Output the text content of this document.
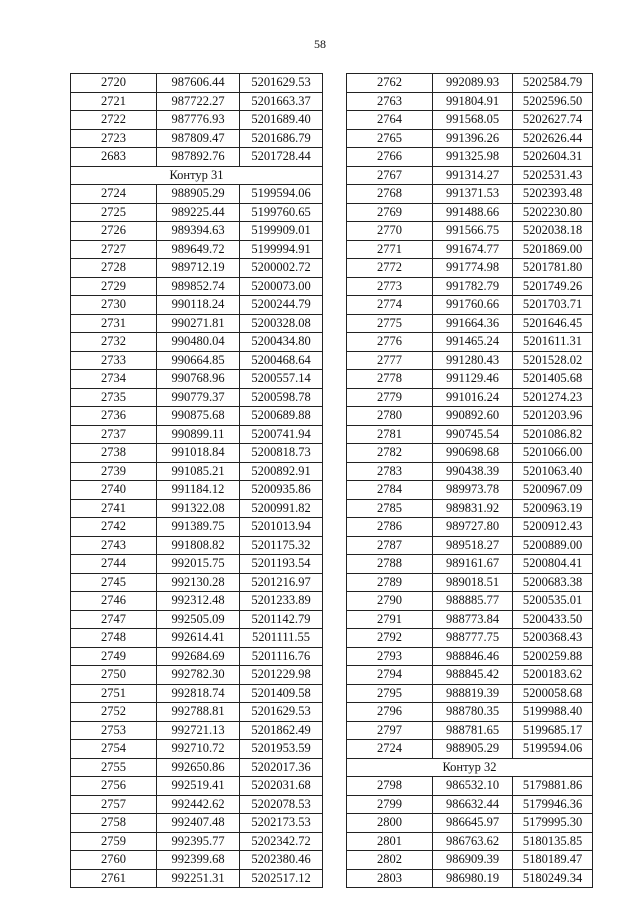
58
2720	987606.44	5201629.53
2721	987722.27	5201663.37
2722	987776.93	5201689.40
2723	987809.47	5201686.79
2683	987892.76	5201728.44
Контур 31		
2724	988905.29	5199594.06
2725	989225.44	5199760.65
2726	989394.63	5199909.01
2727	989649.72	5199994.91
2728	989712.19	5200002.72
2729	989852.74	5200073.00
2730	990118.24	5200244.79
2731	990271.81	5200328.08
2732	990480.04	5200434.80
2733	990664.85	5200468.64
2734	990768.96	5200557.14
2735	990779.37	5200598.78
2736	990875.68	5200689.88
2737	990899.11	5200741.94
2738	991018.84	5200818.73
2739	991085.21	5200892.91
2740	991184.12	5200935.86
2741	991322.08	5200991.82
2742	991389.75	5201013.94
2743	991808.82	5201175.32
2744	992015.75	5201193.54
2745	992130.28	5201216.97
2746	992312.48	5201233.89
2747	992505.09	5201142.79
2748	992614.41	5201111.55
2749	992684.69	5201116.76
2750	992782.30	5201229.98
2751	992818.74	5201409.58
2752	992788.81	5201629.53
2753	992721.13	5201862.49
2754	992710.72	5201953.59
2755	992650.86	5202017.36
2756	992519.41	5202031.68
2757	992442.62	5202078.53
2758	992407.48	5202173.53
2759	992395.77	5202342.72
2760	992399.68	5202380.46
2761	992251.31	5202517.12
2762	992089.93	5202584.79
2763	991804.91	5202596.50
2764	991568.05	5202627.74
2765	991396.26	5202626.44
2766	991325.98	5202604.31
2767	991314.27	5202531.43
2768	991371.53	5202393.48
2769	991488.66	5202230.80
2770	991566.75	5202038.18
2771	991674.77	5201869.00
2772	991774.98	5201781.80
2773	991782.79	5201749.26
2774	991760.66	5201703.71
2775	991664.36	5201646.45
2776	991465.24	5201611.31
2777	991280.43	5201528.02
2778	991129.46	5201405.68
2779	991016.24	5201274.23
2780	990892.60	5201203.96
2781	990745.54	5201086.82
2782	990698.68	5201066.00
2783	990438.39	5201063.40
2784	989973.78	5200967.09
2785	989831.92	5200963.19
2786	989727.80	5200912.43
2787	989518.27	5200889.00
2788	989161.67	5200804.41
2789	989018.51	5200683.38
2790	988885.77	5200535.01
2791	988773.84	5200433.50
2792	988777.75	5200368.43
2793	988846.46	5200259.88
2794	988845.42	5200183.62
2795	988819.39	5200058.68
2796	988780.35	5199988.40
2797	988781.65	5199685.17
2724	988905.29	5199594.06
Контур 32		
2798	986532.10	5179881.86
2799	986632.44	5179946.36
2800	986645.97	5179995.30
2801	986763.62	5180135.85
2802	986909.39	5180189.47
2803	986980.19	5180249.34
